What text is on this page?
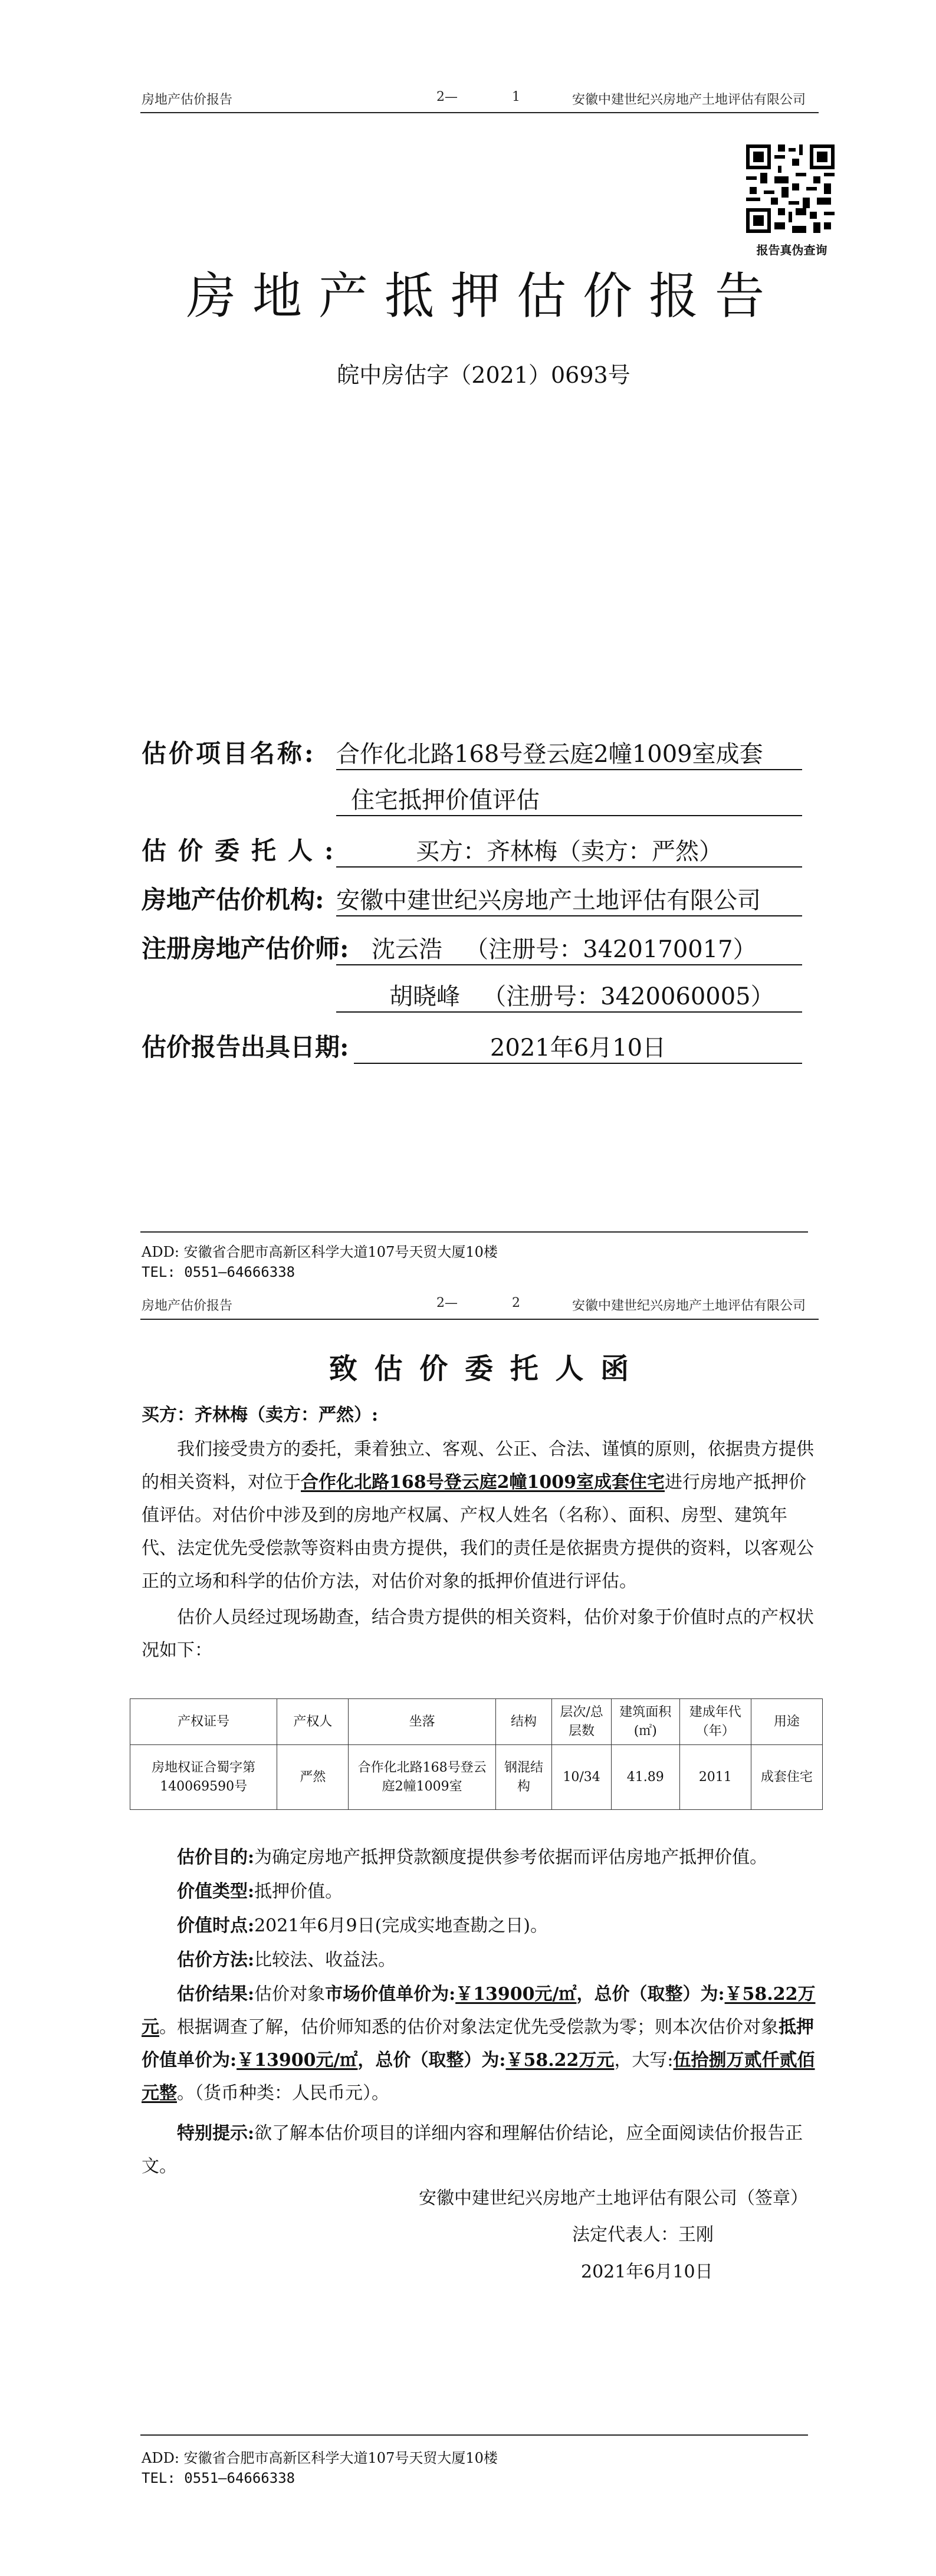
房地产估价报告	2—	1	安徽中建世纪兴房地产土地评估有限公司
报告真伪查询
房地产抵押估价报告
皖中房估字（2021）0693号
估价项目名称: 合作化北路168号登云庭2幢1009室成套
住宅抵押价值评估
估价委托人:	买方：齐林梅（卖方：严然）
房地产估价机构: 安徽中建世纪兴房地产土地评估有限公司
注册房地产估价师: 沈云浩   （注册号：3420170017）
胡晓峰   （注册号：3420060005）
估价报告出具日期:	2021年6月10日
ADD: 安徽省合肥市高新区科学大道107号天贸大厦10楼
TEL: 0551—64666338
房地产估价报告	2—	2	安徽中建世纪兴房地产土地评估有限公司
致 估 价 委 托 人 函
买方：齐林梅（卖方：严然）:
我们接受贵方的委托，秉着独立、客观、公正、合法、谨慎的原则，依据贵方提供的相关资料，对位于合作化北路168号登云庭2幢1009室成套住宅进行房地产抵押价值评估。对估价中涉及到的房地产权属、产权人姓名（名称）、面积、房型、建筑年代、法定优先受偿款等资料由贵方提供，我们的责任是依据贵方提供的资料，以客观公正的立场和科学的估价方法，对估价对象的抵押价值进行评估。
估价人员经过现场勘查，结合贵方提供的相关资料，估价对象于价值时点的产权状况如下：
产权证号	产权人	坐落	结构	层次/总层数	建筑面积(㎡)	建成年代（年）	用途
房地权证合蜀字第140069590号	严然	合作化北路168号登云庭2幢1009室	钢混结构	10/34	41.89	2011	成套住宅
估价目的:为确定房地产抵押贷款额度提供参考依据而评估房地产抵押价值。
价值类型:抵押价值。
价值时点:2021年6月9日(完成实地查勘之日)。
估价方法:比较法、收益法。
估价结果:估价对象市场价值单价为:￥13900元/㎡，总价（取整）为:￥58.22万元。根据调查了解，估价师知悉的估价对象法定优先受偿款为零；则本次估价对象抵押价值单价为:￥13900元/㎡，总价（取整）为:￥58.22万元，大写:伍拾捌万贰仟贰佰元整。（货币种类：人民币元）。
特别提示:欲了解本估价项目的详细内容和理解估价结论，应全面阅读估价报告正文。
安徽中建世纪兴房地产土地评估有限公司（签章）
法定代表人：王刚
2021年6月10日
ADD: 安徽省合肥市高新区科学大道107号天贸大厦10楼
TEL: 0551—64666338
